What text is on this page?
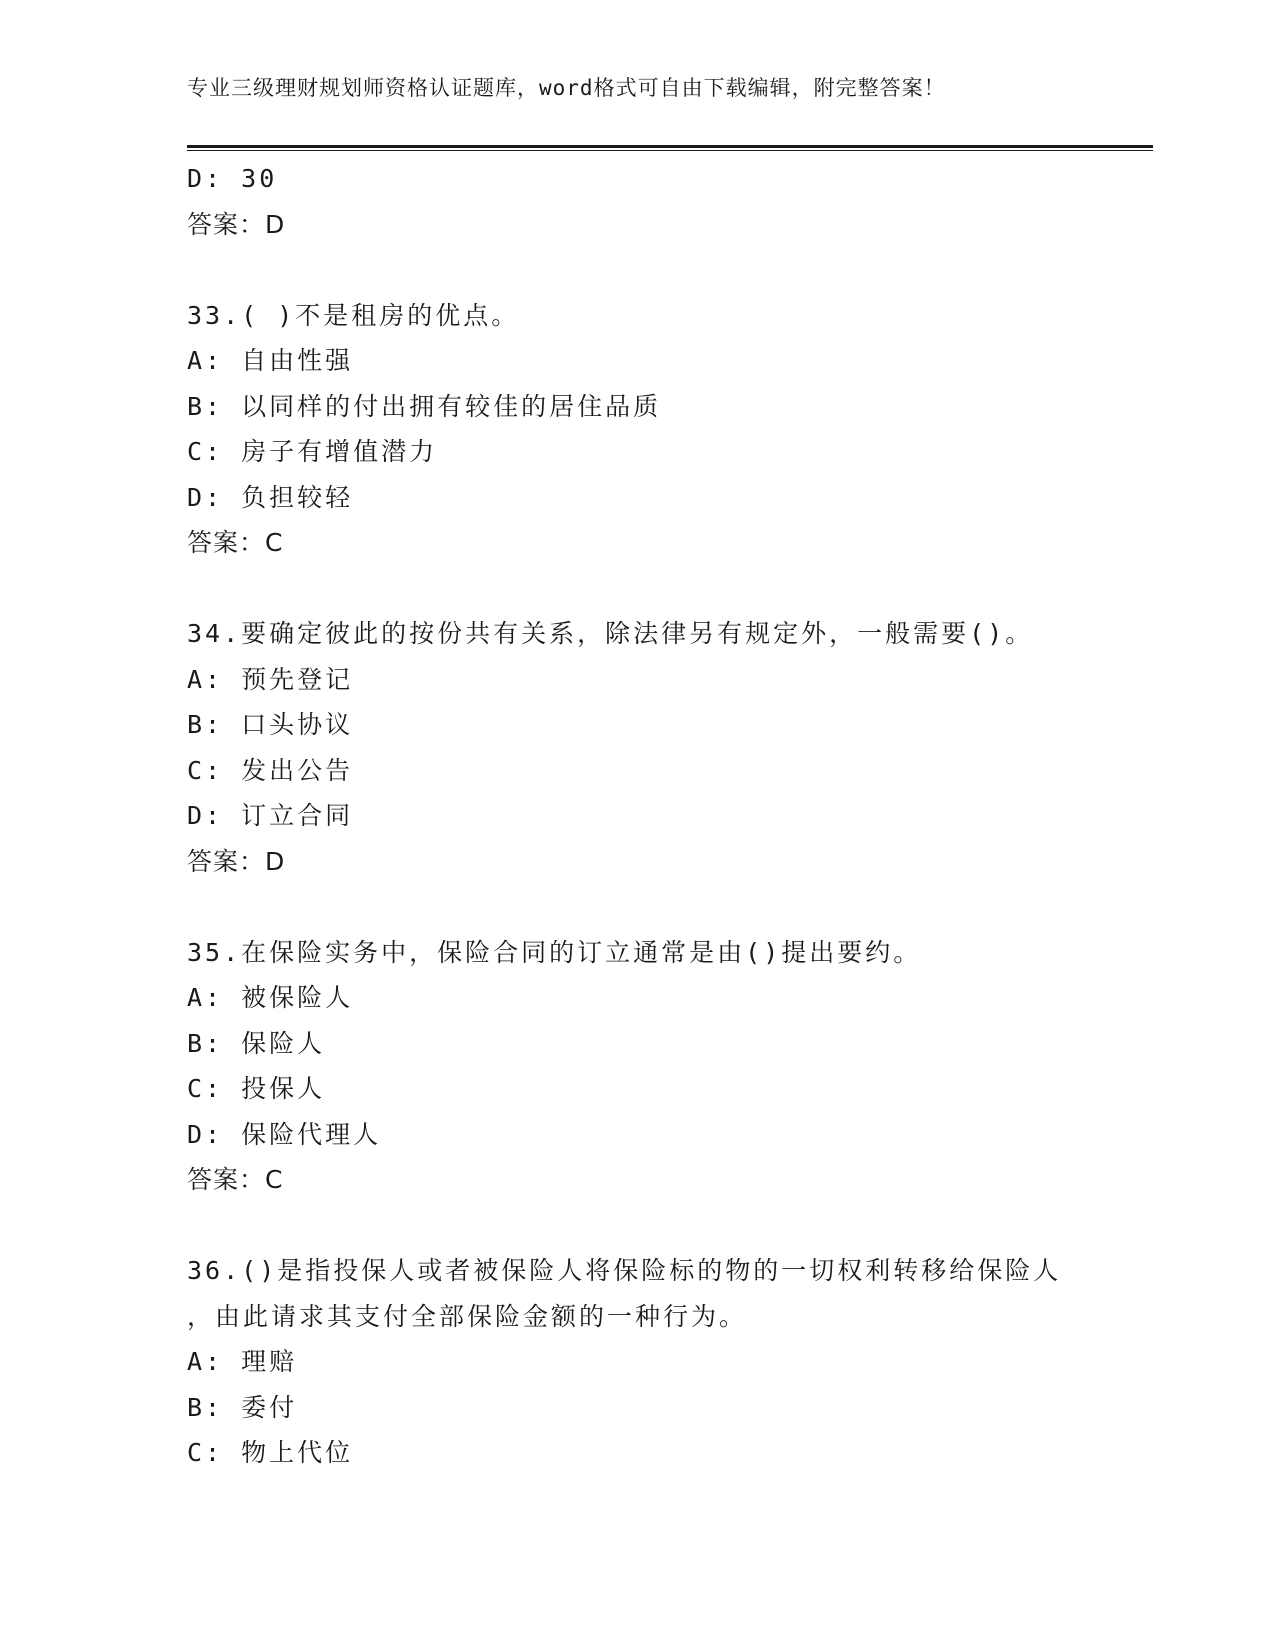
专业三级理财规划师资格认证题库，word格式可自由下载编辑，附完整答案！
D: 30
答案：D
33.( )不是租房的优点。
A: 自由性强
B: 以同样的付出拥有较佳的居住品质
C: 房子有增值潜力
D: 负担较轻
答案：C
34.要确定彼此的按份共有关系，除法律另有规定外，一般需要()。
A: 预先登记
B: 口头协议
C: 发出公告
D: 订立合同
答案：D
35.在保险实务中，保险合同的订立通常是由()提出要约。
A: 被保险人
B: 保险人
C: 投保人
D: 保险代理人
答案：C
36.()是指投保人或者被保险人将保险标的物的一切权利转移给保险人
，由此请求其支付全部保险金额的一种行为。
A: 理赔
B: 委付
C: 物上代位
